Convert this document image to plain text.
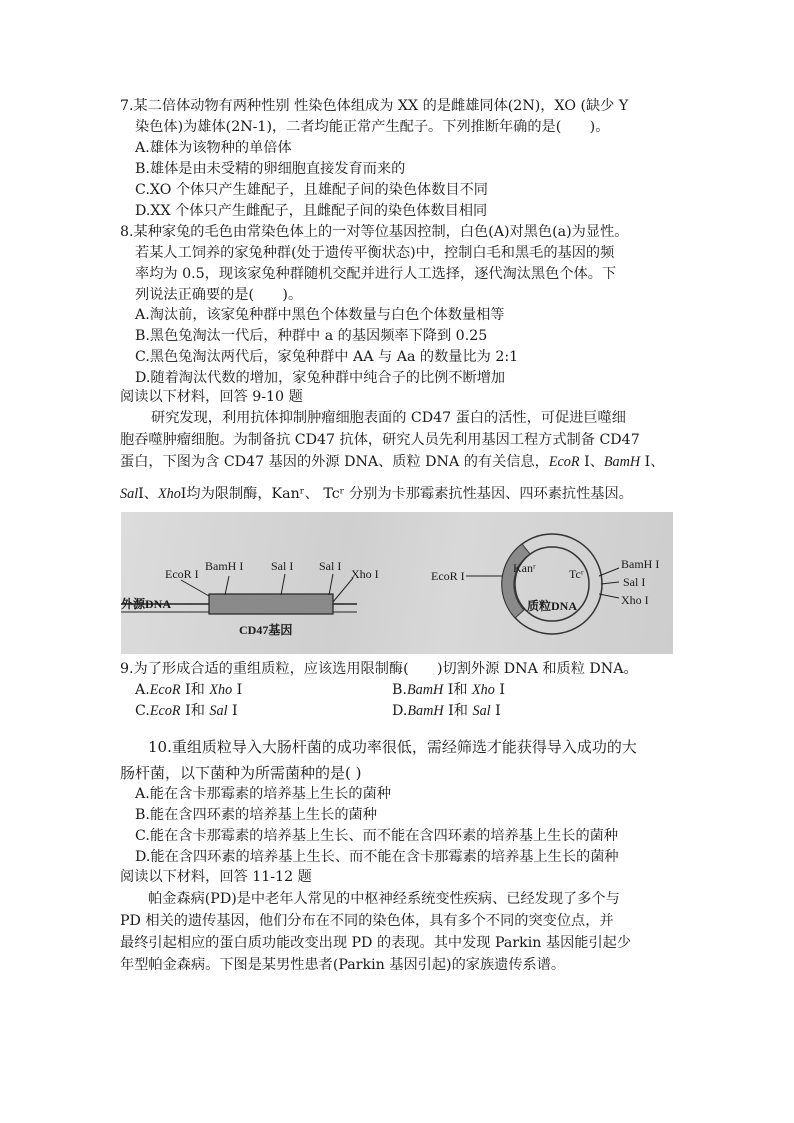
7.某二倍体动物有两种性别 性染色体组成为 XX 的是雌雄同体(2N)，XO (缺少 Y
染色体)为雄体(2N-1)，二者均能正常产生配子。下列推断年确的是(　　)。
A.雄体为该物种的单倍体
B.雄体是由未受精的卵细胞直接发育而来的
C.XO 个体只产生雄配子，且雄配子间的染色体数目不同
D.XX 个体只产生雌配子，且雌配子间的染色体数目相同
8.某种家兔的毛色由常染色体上的一对等位基因控制，白色(A)对黑色(a)为显性。
若某人工饲养的家兔种群(处于遗传平衡状态)中，控制白毛和黑毛的基因的频
率均为 0.5，现该家兔种群随机交配并进行人工选择，逐代淘汰黑色个体。下
列说法正确要的是(　　)。
A.淘汰前，该家兔种群中黑色个体数量与白色个体数量相等
B.黑色兔淘汰一代后，种群中 a 的基因频率下降到 0.25
C.黑色兔淘汰两代后，家兔种群中 AA 与 Aa 的数量比为 2:1
D.随着淘汰代数的增加，家兔种群中纯合子的比例不断增加
阅读以下材料，回答 9-10 题
研究发现，利用抗体抑制肿瘤细胞表面的 CD47 蛋白的活性，可促进巨噬细
胞吞噬肿瘤细胞。为制备抗 CD47 抗体，研究人员先利用基因工程方式制备 CD47
蛋白，下图为含 CD47 基因的外源 DNA、质粒 DNA 的有关信息，EcoR Ⅰ、BamH Ⅰ、
SalⅠ、XhoⅠ均为限制酶，Kanʳ、 Tcʳ 分别为卡那霉素抗性基因、四环素抗性基因。
EcoR I
BamH I Sal I Sal I
Xho I
外源DNA
CD47基因
EcoR I
Kanʳ	Tcʳ
BamH I
Sal I
Xho I
质粒DNA
9.为了形成合适的重组质粒，应该选用限制酶(　　)切割外源 DNA 和质粒 DNA。
A.EcoR Ⅰ和 Xho Ⅰ	B.BamH Ⅰ和 Xho Ⅰ
C.EcoR Ⅰ和 Sal Ⅰ	D.BamH Ⅰ和 Sal Ⅰ
10.重组质粒导入大肠杆菌的成功率很低，需经筛选才能获得导入成功的大
肠杆菌，以下菌种为所需菌种的是( )
A.能在含卡那霉素的培养基上生长的菌种
B.能在含四环素的培养基上生长的菌种
C.能在含卡那霉素的培养基上生长、而不能在含四环素的培养基上生长的菌种
D.能在含四环素的培养基上生长、而不能在含卡那霉素的培养基上生长的菌种
阅读以下材料，回答 11-12 题
帕金森病(PD)是中老年人常见的中枢神经系统变性疾病、已经发现了多个与
PD 相关的遗传基因，他们分布在不同的染色体，具有多个不同的突变位点，并
最终引起相应的蛋白质功能改变出现 PD 的表现。其中发现 Parkin 基因能引起少
年型帕金森病。下图是某男性患者(Parkin 基因引起)的家族遗传系谱。
